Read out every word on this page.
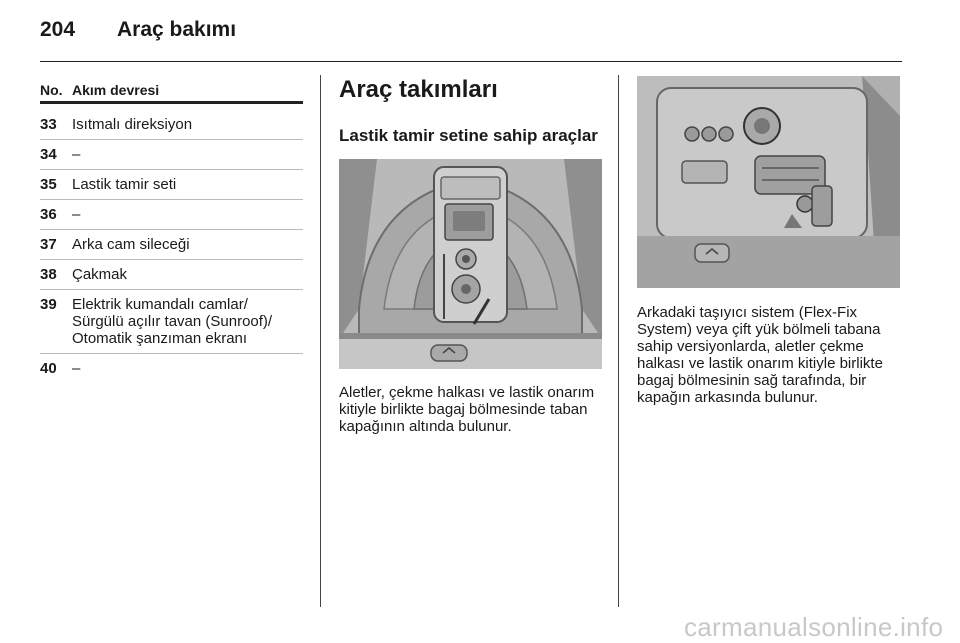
204 Araç bakımı
No. Akım devresi
33 Isıtmalı direksiyon
34 –
35 Lastik tamir seti
36 –
37 Arka cam sileceği
38 Çakmak
39 Elektrik kumandalı camlar/ Sürgülü açılır tavan (Sunroof)/ Otomatik şanzıman ekranı
40 –
Araç takımları
Lastik tamir setine sahip araçlar
Aletler, çekme halkası ve lastik onarım kitiyle birlikte bagaj bölmesinde taban kapağının altında bulunur.
Arkadaki taşıyıcı sistem (Flex-Fix System) veya çift yük bölmeli tabana sahip versiyonlarda, aletler çekme halkası ve lastik onarım kitiyle birlikte bagaj bölmesinin sağ tarafında, bir kapağın arkasında bulunur.
carmanualsonline.info
